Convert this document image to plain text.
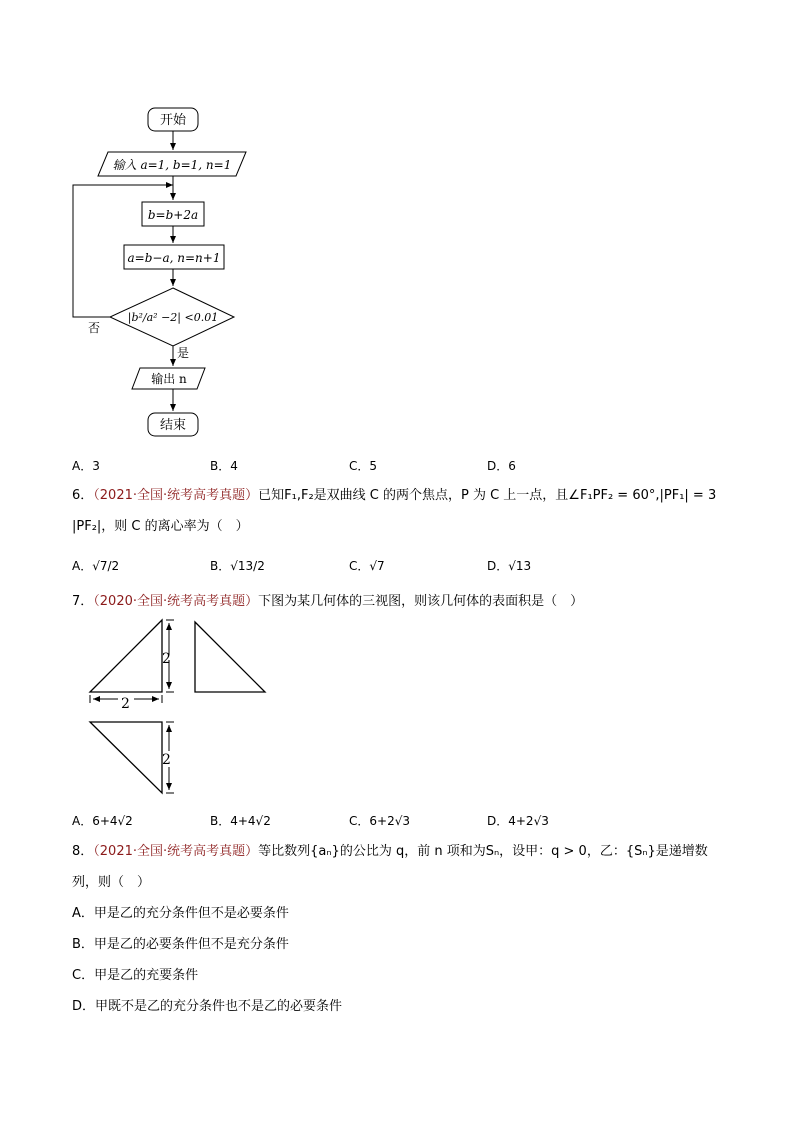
开始
输入 a=1, b=1, n=1
b=b+2a
a=b−a, n=n+1
|b²/a² −2| <0.01
否
是
输出 n
结束
A．3	B．4	C．5	D．6
6．（2021·全国·统考高考真题）已知F₁,F₂是双曲线 C 的两个焦点，P 为 C 上一点，且∠F₁PF₂ = 60°,|PF₁| = 3
|PF₂|，则 C 的离心率为（　）
A．√7/2	B．√13/2	C．√7	D．√13
7．（2020·全国·统考高考真题）下图为某几何体的三视图，则该几何体的表面积是（　）
2
2
2
A．6+4√2	B．4+4√2	C．6+2√3	D．4+2√3
8．（2021·全国·统考高考真题）等比数列{aₙ}的公比为 q，前 n 项和为Sₙ，设甲：q > 0，乙：{Sₙ}是递增数
列，则（　）
A．甲是乙的充分条件但不是必要条件
B．甲是乙的必要条件但不是充分条件
C．甲是乙的充要条件
D．甲既不是乙的充分条件也不是乙的必要条件
